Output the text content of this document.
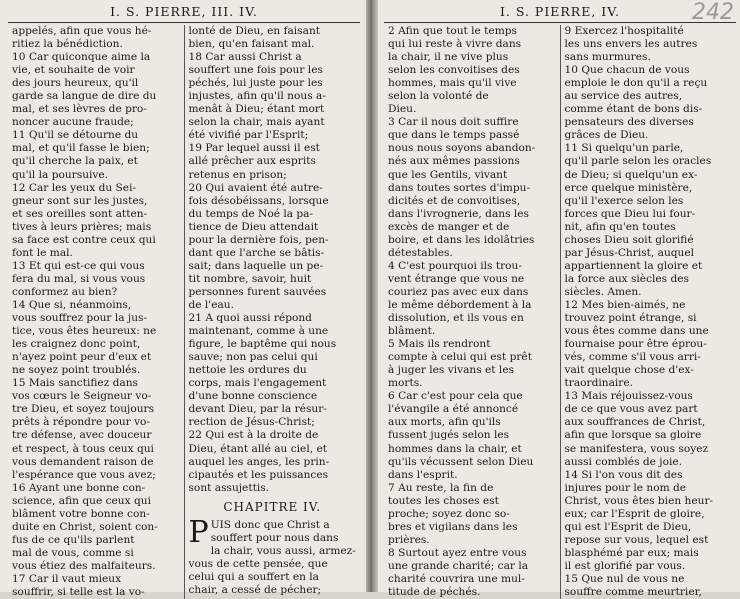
I. S. PIERRE, III. IV.
appelés, afin que vous hé-
ritiez la bénédiction.
10 Car quiconque aime la
vie, et souhaite de voir
des jours heureux, qu'il
garde sa langue de dire du
mal, et ses lèvres de pro-
noncer aucune fraude;
11 Qu'il se détourne du
mal, et qu'il fasse le bien;
qu'il cherche la paix, et
qu'il la poursuive.
12 Car les yeux du Sei-
gneur sont sur les justes,
et ses oreilles sont atten-
tives à leurs prières; mais
sa face est contre ceux qui
font le mal.
13 Et qui est-ce qui vous
fera du mal, si vous vous
conformez au bien?
14 Que si, néanmoins,
vous souffrez pour la jus-
tice, vous êtes heureux: ne
les craignez donc point,
n'ayez point peur d'eux et
ne soyez point troublés.
15 Mais sanctifiez dans
vos cœurs le Seigneur vo-
tre Dieu, et soyez toujours
prêts à répondre pour vo-
tre défense, avec douceur
et respect, à tous ceux qui
vous demandent raison de
l'espérance que vous avez;
16 Ayant une bonne con-
science, afin que ceux qui
blâment votre bonne con-
duite en Christ, soient con-
fus de ce qu'ils parlent
mal de vous, comme si
vous étiez des malfaiteurs.
17 Car il vaut mieux
souffrir, si telle est la vo-
lonté de Dieu, en faisant
bien, qu'en faisant mal.
18 Car aussi Christ a
souffert une fois pour les
péchés, lui juste pour les
injustes, afin qu'il nous a-
menât à Dieu; étant mort
selon la chair, mais ayant
été vivifié par l'Esprit;
19 Par lequel aussi il est
allé prêcher aux esprits
retenus en prison;
20 Qui avaient été autre-
fois désobéissans, lorsque
du temps de Noé la pa-
tience de Dieu attendait
pour la dernière fois, pen-
dant que l'arche se bâtis-
sait; dans laquelle un pe-
tit nombre, savoir, huit
personnes furent sauvées
de l'eau.
21 A quoi aussi répond
maintenant, comme à une
figure, le baptême qui nous
sauve; non pas celui qui
nettoie les ordures du
corps, mais l'engagement
d'une bonne conscience
devant Dieu, par la résur-
rection de Jésus-Christ;
22 Qui est à la droite de
Dieu, étant allé au ciel, et
auquel les anges, les prin-
cipautés et les puissances
sont assujettis.
CHAPITRE IV.
P UIS donc que Christ a
souffert pour nous dans
la chair, vous aussi, armez-
vous de cette pensée, que
celui qui a souffert en la
chair, a cessé de pécher;
242
I. S. PIERRE, IV.
2 Afin que tout le temps
qui lui reste à vivre dans
la chair, il ne vive plus
selon les convoitises des
hommes, mais qu'il vive
selon la volonté de
Dieu.
3 Car il nous doit suffire
que dans le temps passé
nous nous soyons abandon-
nés aux mêmes passions
que les Gentils, vivant
dans toutes sortes d'impu-
dicités et de convoitises,
dans l'ivrognerie, dans les
excès de manger et de
boire, et dans les idolâtries
détestables.
4 C'est pourquoi ils trou-
vent étrange que vous ne
couriez pas avec eux dans
le même débordement à la
dissolution, et ils vous en
blâment.
5 Mais ils rendront
compte à celui qui est prêt
à juger les vivans et les
morts.
6 Car c'est pour cela que
l'évangile a été annoncé
aux morts, afin qu'ils
fussent jugés selon les
hommes dans la chair, et
qu'ils vécussent selon Dieu
dans l'esprit.
7 Au reste, la fin de
toutes les choses est
proche; soyez donc so-
bres et vigilans dans les
prières.
8 Surtout ayez entre vous
une grande charité; car la
charité couvrira une mul-
titude de péchés.
9 Exercez l'hospitalité
les uns envers les autres
sans murmures.
10 Que chacun de vous
emploie le don qu'il a reçu
au service des autres,
comme étant de bons dis-
pensateurs des diverses
grâces de Dieu.
11 Si quelqu'un parle,
qu'il parle selon les oracles
de Dieu; si quelqu'un ex-
erce quelque ministère,
qu'il l'exerce selon les
forces que Dieu lui four-
nit, afin qu'en toutes
choses Dieu soit glorifié
par Jésus-Christ, auquel
appartiennent la gloire et
la force aux siècles des
siècles. Amen.
12 Mes bien-aimés, ne
trouvez point étrange, si
vous êtes comme dans une
fournaise pour être éprou-
vés, comme s'il vous arri-
vait quelque chose d'ex-
traordinaire.
13 Mais réjouissez-vous
de ce que vous avez part
aux souffrances de Christ,
afin que lorsque sa gloire
se manifestera, vous soyez
aussi comblés de joie.
14 Si l'on vous dit des
injures pour le nom de
Christ, vous êtes bien heur-
eux; car l'Esprit de gloire,
qui est l'Esprit de Dieu,
repose sur vous, lequel est
blasphémé par eux; mais
il est glorifié par vous.
15 Que nul de vous ne
souffre comme meurtrier,
